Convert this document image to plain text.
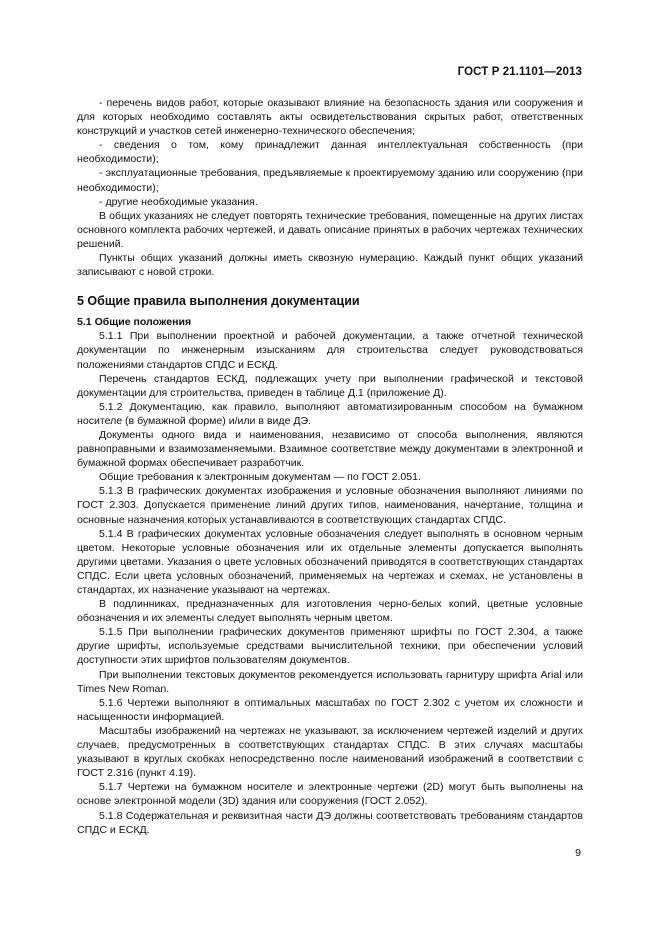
ГОСТ Р 21.1101—2013

- перечень видов работ, которые оказывают влияние на безопасность здания или сооружения и для которых необходимо составлять акты освидетельствования скрытых работ, ответственных конструкций и участков сетей инженерно-технического обеспечения;

- сведения о том, кому принадлежит данная интеллектуальная собственность (при необходимости);

- эксплуатационные требования, предъявляемые к проектируемому зданию или сооружению (при необходимости);

- другие необходимые указания.

В общих указаниях не следует повторять технические требования, помещенные на других листах основного комплекта рабочих чертежей, и давать описание принятых в рабочих чертежах технических решений.

Пункты общих указаний должны иметь сквозную нумерацию. Каждый пункт общих указаний записывают с новой строки.

5 Общие правила выполнения документации
5.1 Общие положения

5.1.1 При выполнении проектной и рабочей документации, а также отчетной технической документации по инженерным изысканиям для строительства следует руководствоваться положениями стандартов СПДС и ЕСКД.

Перечень стандартов ЕСКД, подлежащих учету при выполнении графической и текстовой документации для строительства, приведен в таблице Д.1 (приложение Д).

5.1.2 Документацию, как правило, выполняют автоматизированным способом на бумажном носителе (в бумажной форме) и/или в виде ДЭ.

Документы одного вида и наименования, независимо от способа выполнения, являются равноправными и взаимозаменяемыми. Взаимное соответствие между документами в электронной и бумажной формах обеспечивает разработчик.

Общие требования к электронным документам — по ГОСТ 2.051.

5.1.3 В графических документах изображения и условные обозначения выполняют линиями по ГОСТ 2.303. Допускается применение линий других типов, наименования, начертание, толщина и основные назначения которых устанавливаются в соответствующих стандартах СПДС.

5.1.4 В графических документах условные обозначения следует выполнять в основном черным цветом. Некоторые условные обозначения или их отдельные элементы допускается выполнять другими цветами. Указания о цвете условных обозначений приводятся в соответствующих стандартах СПДС. Если цвета условных обозначений, применяемых на чертежах и схемах, не установлены в стандартах, их назначение указывают на чертежах.

В подлинниках, предназначенных для изготовления черно-белых копий, цветные условные обозначения и их элементы следует выполнять черным цветом.

5.1.5 При выполнении графических документов применяют шрифты по ГОСТ 2.304, а также другие шрифты, используемые средствами вычислительной техники, при обеспечении условий доступности этих шрифтов пользователям документов.

При выполнении текстовых документов рекомендуется использовать гарнитуру шрифта Arial или Times New Roman.

5.1.6 Чертежи выполняют в оптимальных масштабах по ГОСТ 2.302 с учетом их сложности и насыщенности информацией.

Масштабы изображений на чертежах не указывают, за исключением чертежей изделий и других случаев, предусмотренных в соответствующих стандартах СПДС. В этих случаях масштабы указывают в круглых скобках непосредственно после наименований изображений в соответствии с ГОСТ 2.316 (пункт 4.19).

5.1.7 Чертежи на бумажном носителе и электронные чертежи (2D) могут быть выполнены на основе электронной модели (3D) здания или сооружения (ГОСТ 2.052).

5.1.8 Содержательная и реквизитная части ДЭ должны соответствовать требованиям стандартов СПДС и ЕСКД.

9
